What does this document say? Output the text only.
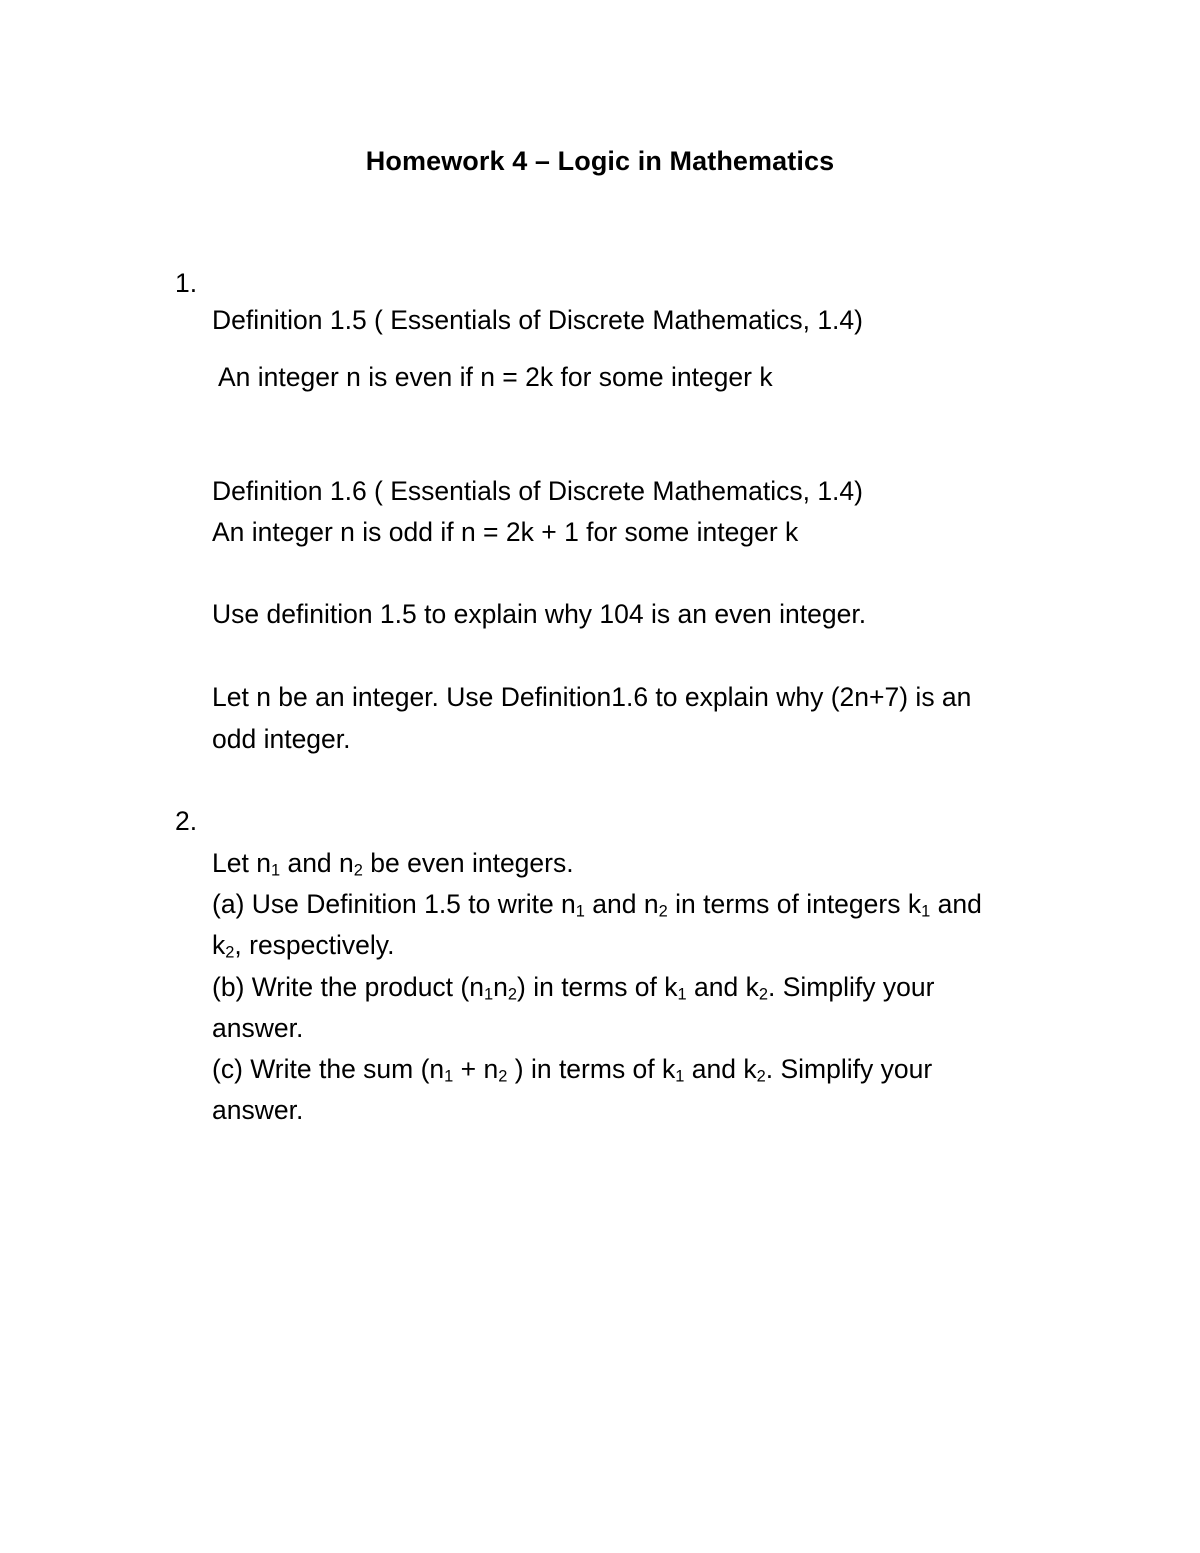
Homework 4 – Logic in Mathematics
1.
Definition 1.5 ( Essentials of Discrete Mathematics, 1.4)
An integer n is even if n = 2k for some integer k
Definition 1.6 ( Essentials of Discrete Mathematics, 1.4)
An integer n is odd if n = 2k + 1 for some integer k
Use definition 1.5 to explain why 104 is an even integer.
Let n be an integer. Use Definition1.6 to explain why (2n+7) is an
odd integer.
2.
Let $n_1$ and $n_2$ be even integers.
(a) Use Definition 1.5 to write $n_1$ and $n_2$ in terms of integers $k_1$ and
$k_2$, respectively.
(b) Write the product $(n_1n_2)$ in terms of $k_1$ and $k_2$. Simplify your
answer.
(c) Write the sum ($n_1 + n_2$ ) in terms of $k_1$ and $k_2$. Simplify your
answer.
